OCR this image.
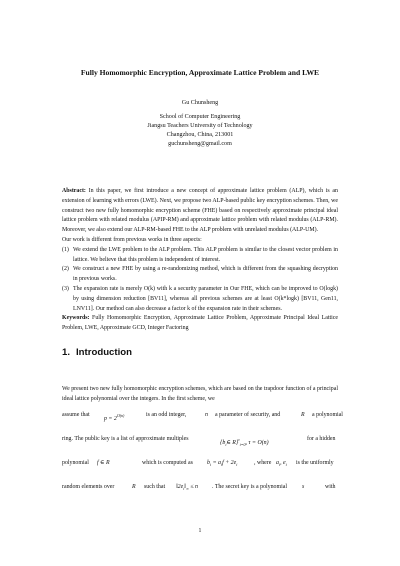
Fully Homomorphic Encryption, Approximate Lattice Problem and LWE
Gu Chunsheng
School of Computer Engineering
Jiangsu Teachers University of Technology
Changzhou, China, 213001
guchunsheng@gmail.com

Abstract: In this paper, we first introduce a new concept of approximate lattice problem (ALP), which is an extension of learning with errors (LWE). Next, we propose two ALP-based public key encryption schemes. Then, we construct two new fully homomorphic encryption scheme (FHE) based on respectively approximate principal ideal lattice problem with related modulus (APIP-RM) and approximate lattice problem with related modulus (ALP-RM). Moreover, we also extend our ALP-RM-based FHE to the ALP problem with unrelated modulus (ALP-UM).

Our work is different from previous works in three aspects:

(1) We extend the LWE problem to the ALP problem. This ALP problem is similar to the closest vector problem in lattice. We believe that this problem is independent of interest.
(2) We construct a new FHE by using a re-randomizing method, which is different from the squashing decryption in previous works.
(3) The expansion rate is merely O(k) with k a security parameter in Our FHE, which can be improved to O(logk) by using dimension reduction [BV11], whereas all previous schemes are at least O(k*logk) [BV11, Gen11, LNV11]. Our method can also decrease a factor k of the expansion rate in their schemes.

Keywords: Fully Homomorphic Encryption, Approximate Lattice Problem, Approximate Principal Ideal Lattice Problem, LWE, Approximate GCD, Integer Factoring

1. Introduction

We present two new fully homomorphic encryption schemes, which are based on the trapdoor function of a principal ideal lattice polynomial over the integers. In the first scheme, we

assume that
$p = 2^{O(n)}$	is an odd integer,	n a parameter of security, and	R a polynomial
ring. The public key is a list of approximate multiples
{$b_i\in$ R}$^\tau_{i=0}$, τ = O(n)
for a hidden
polynomial f ∈ R	which is computed as $b_i = a_if + 2e_i$	, where $a_i$, $e_i$ is the uniformly
random elements over	R such that $‖2e_i‖_\infty \le n$ . The secret key is a polynomial	s	with
1
